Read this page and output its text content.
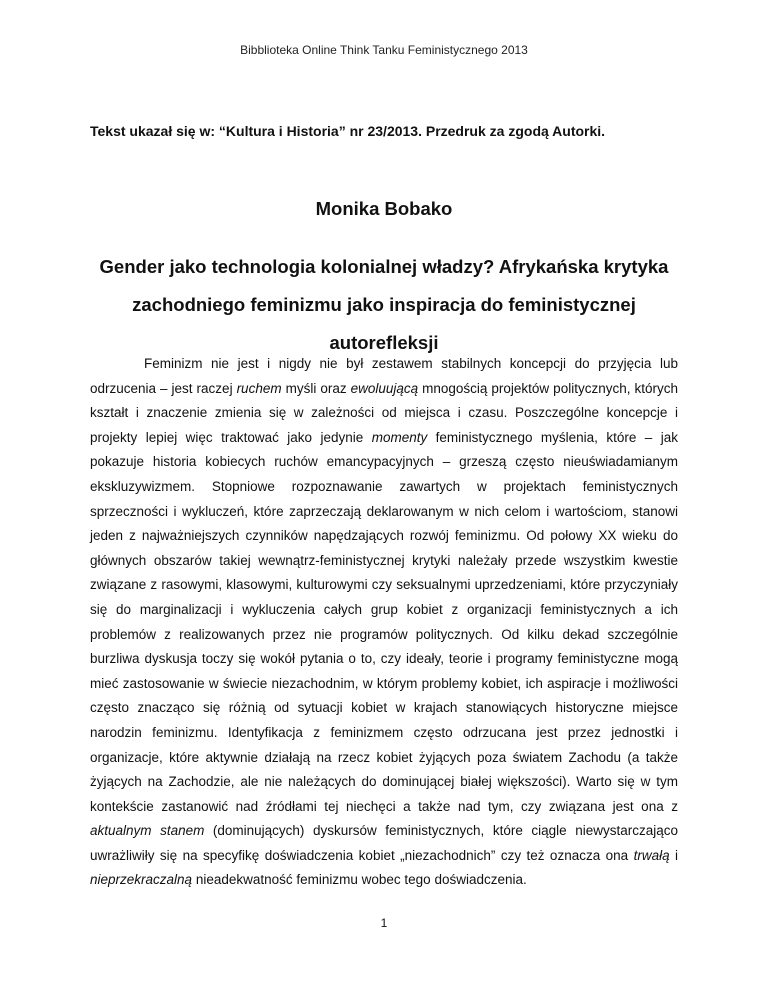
Bibblioteka Online Think Tanku Feministycznego 2013
Tekst ukazał się w: “Kultura i Historia” nr 23/2013. Przedruk za zgodą Autorki.
Monika Bobako
Gender jako technologia kolonialnej władzy? Afrykańska krytyka zachodniego feminizmu jako inspiracja do feministycznej autorefleksji

Feminizm nie jest i nigdy nie był zestawem stabilnych koncepcji do przyjęcia lub odrzucenia – jest raczej ruchem myśli oraz ewoluującą mnogością projektów politycznych, których kształt i znaczenie zmienia się w zależności od miejsca i czasu. Poszczególne koncepcje i projekty lepiej więc traktować jako jedynie momenty feministycznego myślenia, które – jak pokazuje historia kobiecych ruchów emancypacyjnych – grzeszą często nieuświadamianym ekskluzywizmem. Stopniowe rozpoznawanie zawartych w projektach feministycznych sprzeczności i wykluczeń, które zaprzeczają deklarowanym w nich celom i wartościom, stanowi jeden z najważniejszych czynników napędzających rozwój feminizmu. Od połowy XX wieku do głównych obszarów takiej wewnątrz-feministycznej krytyki należały przede wszystkim kwestie związane z rasowymi, klasowymi, kulturowymi czy seksualnymi uprzedzeniami, które przyczyniały się do marginalizacji i wykluczenia całych grup kobiet z organizacji feministycznych a ich problemów z realizowanych przez nie programów politycznych. Od kilku dekad szczególnie burzliwa dyskusja toczy się wokół pytania o to, czy ideały, teorie i programy feministyczne mogą mieć zastosowanie w świecie niezachodnim, w którym problemy kobiet, ich aspiracje i możliwości często znacząco się różnią od sytuacji kobiet w krajach stanowiących historyczne miejsce narodzin feminizmu. Identyfikacja z feminizmem często odrzucana jest przez jednostki i organizacje, które aktywnie działają na rzecz kobiet żyjących poza światem Zachodu (a także żyjących na Zachodzie, ale nie należących do dominującej białej większości). Warto się w tym kontekście zastanowić nad źródłami tej niechęci a także nad tym, czy związana jest ona z aktualnym stanem (dominujących) dyskursów feministycznych, które ciągle niewystarczająco uwrażliwiły się na specyfikę doświadczenia kobiet „niezachodnich” czy też oznacza ona trwałą i nieprzekraczalną nieadekwatność feminizmu wobec tego doświadczenia.

1
